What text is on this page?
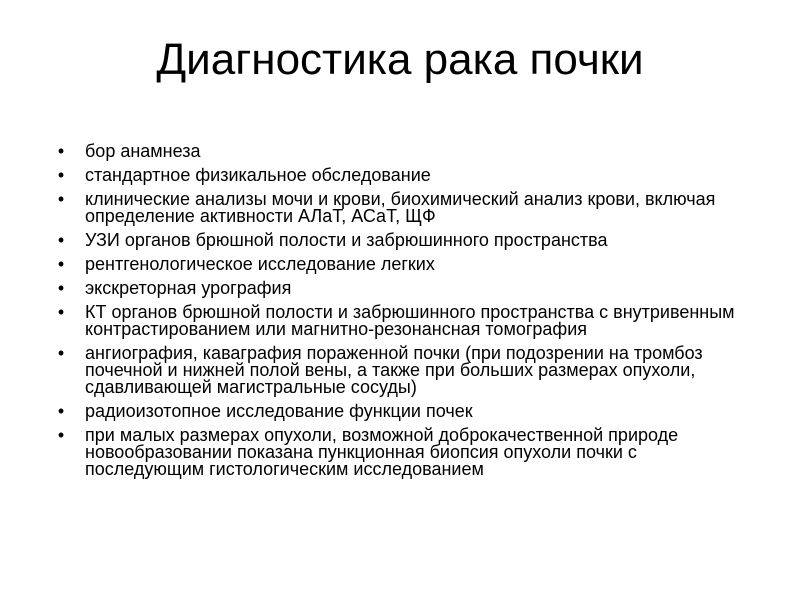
Диагностика рака почки
• бор анамнеза
• стандартное физикальное обследование
• клинические анализы мочи и крови, биохимический анализ крови, включая определение активности АЛаТ, АСаТ, ЩФ
• УЗИ органов брюшной полости и забрюшинного пространства
• рентгенологическое исследование легких
• экскреторная урография
• КТ органов брюшной полости и забрюшинного пространства с внутривенным контрастированием или магнитно-резонансная томография
• ангиография, каваграфия пораженной почки (при подозрении на тромбоз почечной и нижней полой вены, а также при больших размерах опухоли, сдавливающей магистральные сосуды)
• радиоизотопное исследование функции почек
• при малых размерах опухоли, возможной доброкачественной природе новообразовании показана пункционная биопсия опухоли почки с последующим гистологическим исследованием
